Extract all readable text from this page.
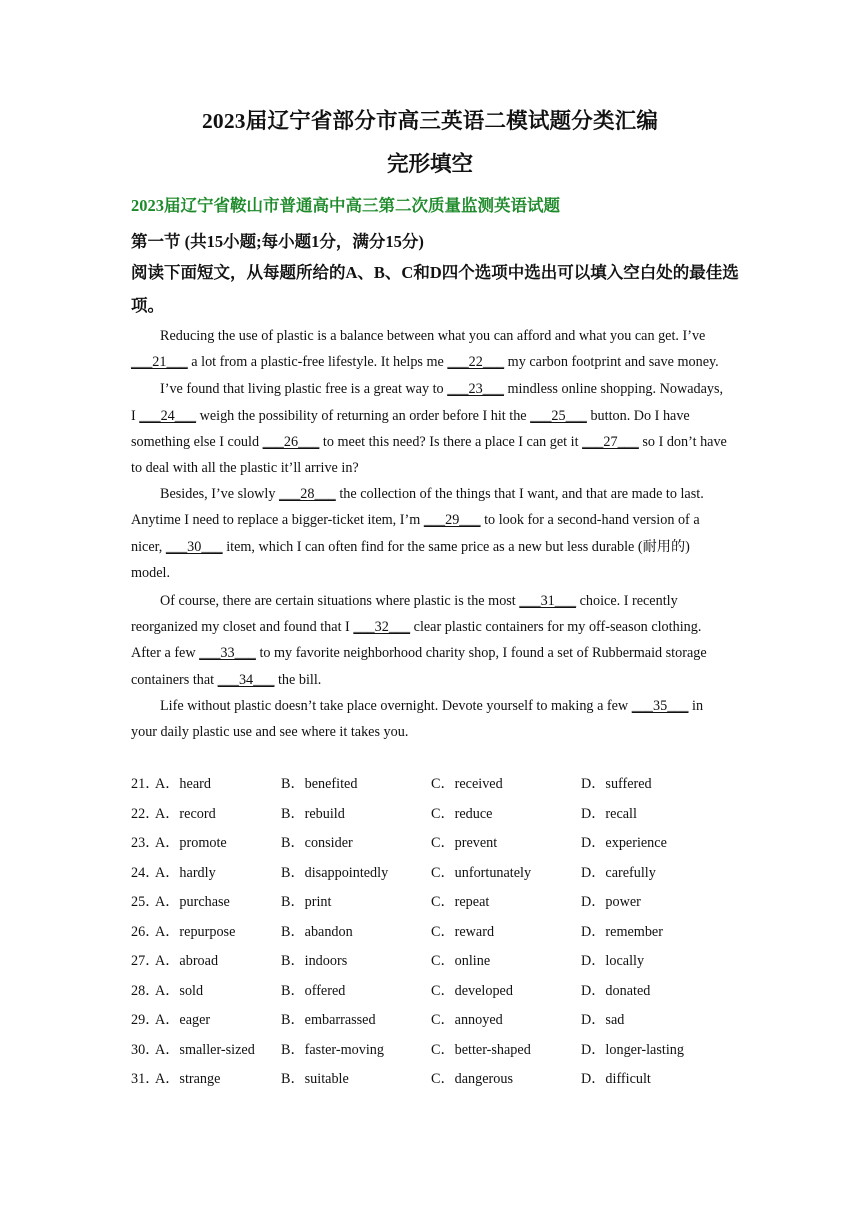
2023届辽宁省部分市高三英语二模试题分类汇编
完形填空
2023届辽宁省鞍山市普通高中高三第二次质量监测英语试题
第一节 (共15小题;每小题1分，满分15分)
阅读下面短文，从每题所给的A、B、C和D四个选项中选出可以填入空白处的最佳选项。

Reducing the use of plastic is a balance between what you can afford and what you can get. I’ve ___21___ a lot from a plastic-free lifestyle. It helps me ___22___ my carbon footprint and save money.

I’ve found that living plastic free is a great way to ___23___ mindless online shopping. Nowadays, I ___24___ weigh the possibility of returning an order before I hit the ___25___ button. Do I have something else I could ___26___ to meet this need? Is there a place I can get it ___27___ so I don’t have to deal with all the plastic it’ll arrive in?

Besides, I’ve slowly ___28___ the collection of the things that I want, and that are made to last. Anytime I need to replace a bigger-ticket item, I’m ___29___ to look for a second-hand version of a nicer, ___30___ item, which I can often find for the same price as a new but less durable (耐用的) model.

Of course, there are certain situations where plastic is the most ___31___ choice. I recently reorganized my closet and found that I ___32___ clear plastic containers for my off-season clothing. After a few ___33___ to my favorite neighborhood charity shop, I found a set of Rubbermaid storage containers that ___34___ the bill.

Life without plastic doesn’t take place overnight. Devote yourself to making a few ___35___ in your daily plastic use and see where it takes you.

21．
A．heard	B．benefited	C．received	D．suffered
22．
A．record	B．rebuild	C．reduce	D．recall
23．
A．promote	B．consider	C．prevent	D．experience
24．
A．hardly	B．disappointedly	C．unfortunately	D．carefully
25．
A．purchase	B．print	C．repeat	D．power
26．
A．repurpose	B．abandon	C．reward	D．remember
27．
A．abroad	B．indoors	C．online	D．locally
28．
A．sold	B．offered	C．developed	D．donated
29．
A．eager	B．embarrassed	C．annoyed	D．sad
30．
A．smaller-sized B．faster-moving	C．better-shaped	D．longer-lasting
31．
A．strange	B．suitable	C．dangerous	D．difficult
